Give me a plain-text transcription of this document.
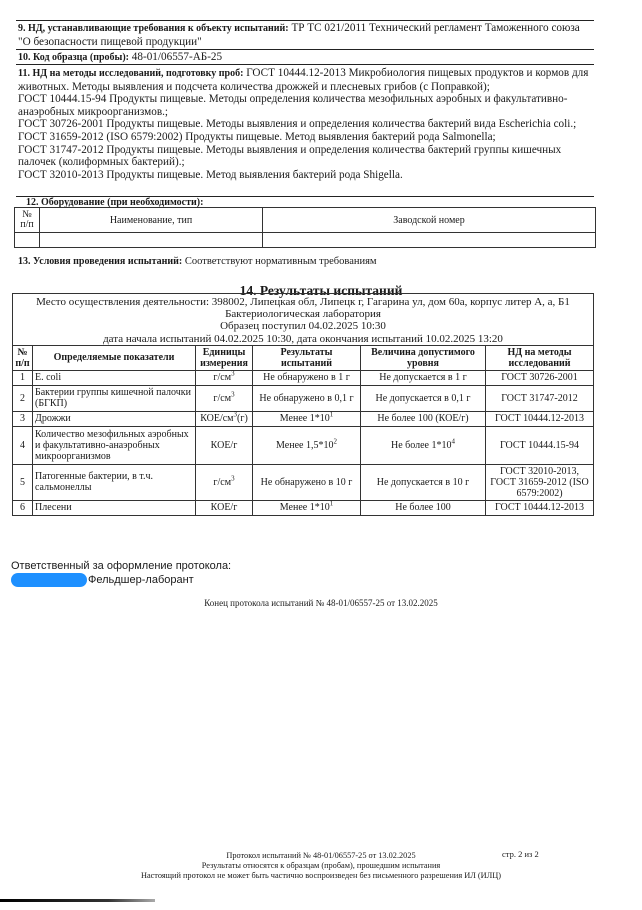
9. НД, устанавливающие требования к объекту испытаний: ТР ТС 021/2011 Технический регламент Таможенного союза "О безопасности пищевой продукции"
10. Код образца (пробы): 48-01/06557-АБ-25
11. НД на методы исследований, подготовку проб: ГОСТ 10444.12-2013 Микробиология пищевых продуктов и кормов для животных. Методы выявления и подсчета количества дрожжей и плесневых грибов (с Поправкой);
ГОСТ 10444.15-94 Продукты пищевые. Методы определения количества мезофильных аэробных и факультативно-анаэробных микроорганизмов.;
ГОСТ 30726-2001 Продукты пищевые. Методы выявления и определения количества бактерий вида Escherichia coli.;
ГОСТ 31659-2012 (ISO 6579:2002) Продукты пищевые. Метод выявления бактерий рода Salmonella;
ГОСТ 31747-2012 Продукты пищевые. Методы выявления и определения количества бактерий группы кишечных палочек (колиформных бактерий).;
ГОСТ 32010-2013 Продукты пищевые. Метод выявления бактерий рода Shigella.
12. Оборудование (при необходимости):
№ п/п	Наименование, тип	Заводской номер

13. Условия проведения испытаний: Соответствуют нормативным требованиям
14. Результаты испытаний
Место осуществления деятельности: 398002, Липецкая обл, Липецк г, Гагарина ул, дом 60а, корпус литер А, а, Б1
Бактериологическая лаборатория
Образец поступил 04.02.2025 10:30
дата начала испытаний 04.02.2025 10:30, дата окончания испытаний 10.02.2025 13:20
№ п/п	Определяемые показатели	Единицы измерения	Результаты испытаний	Величина допустимого уровня	НД на методы исследований
1	E. coli	$г/см^3$	Не обнаружено в 1 г	Не допускается в 1 г	ГОСТ 30726-2001
2	Бактерии группы кишечной палочки (БГКП)	$г/см^3$	Не обнаружено в 0,1 г	Не допускается в 0,1 г	ГОСТ 31747-2012
3	Дрожжи	КОЕ/$см^3(г)$	Менее $1*10^1$	Не более 100 (КОЕ/г)	ГОСТ 10444.12-2013
4	Количество мезофильных аэробных и факультативно-анаэробных микроорганизмов	КОЕ/г	Менее $1,5*10^2$	Не более $1*10^4$	ГОСТ 10444.15-94
5	Патогенные бактерии, в т.ч. сальмонеллы	$г/см^3$	Не обнаружено в 10 г	Не допускается в 10 г	ГОСТ 32010-2013, ГОСТ 31659-2012 (ISO 6579:2002)
6	Плесени	КОЕ/г	Менее $1*10^1$	Не более 100	ГОСТ 10444.12-2013
Ответственный за оформление протокола:
Фельдшер-лаборант
Конец протокола испытаний № 48-01/06557-25 от 13.02.2025
Протокол испытаний № 48-01/06557-25 от 13.02.2025
Результаты относятся к образцам (пробам), прошедшим испытания
Настоящий протокол не может быть частично воспроизведен без письменного разрешения ИЛ (ИЛЦ)
стр. 2 из 2
